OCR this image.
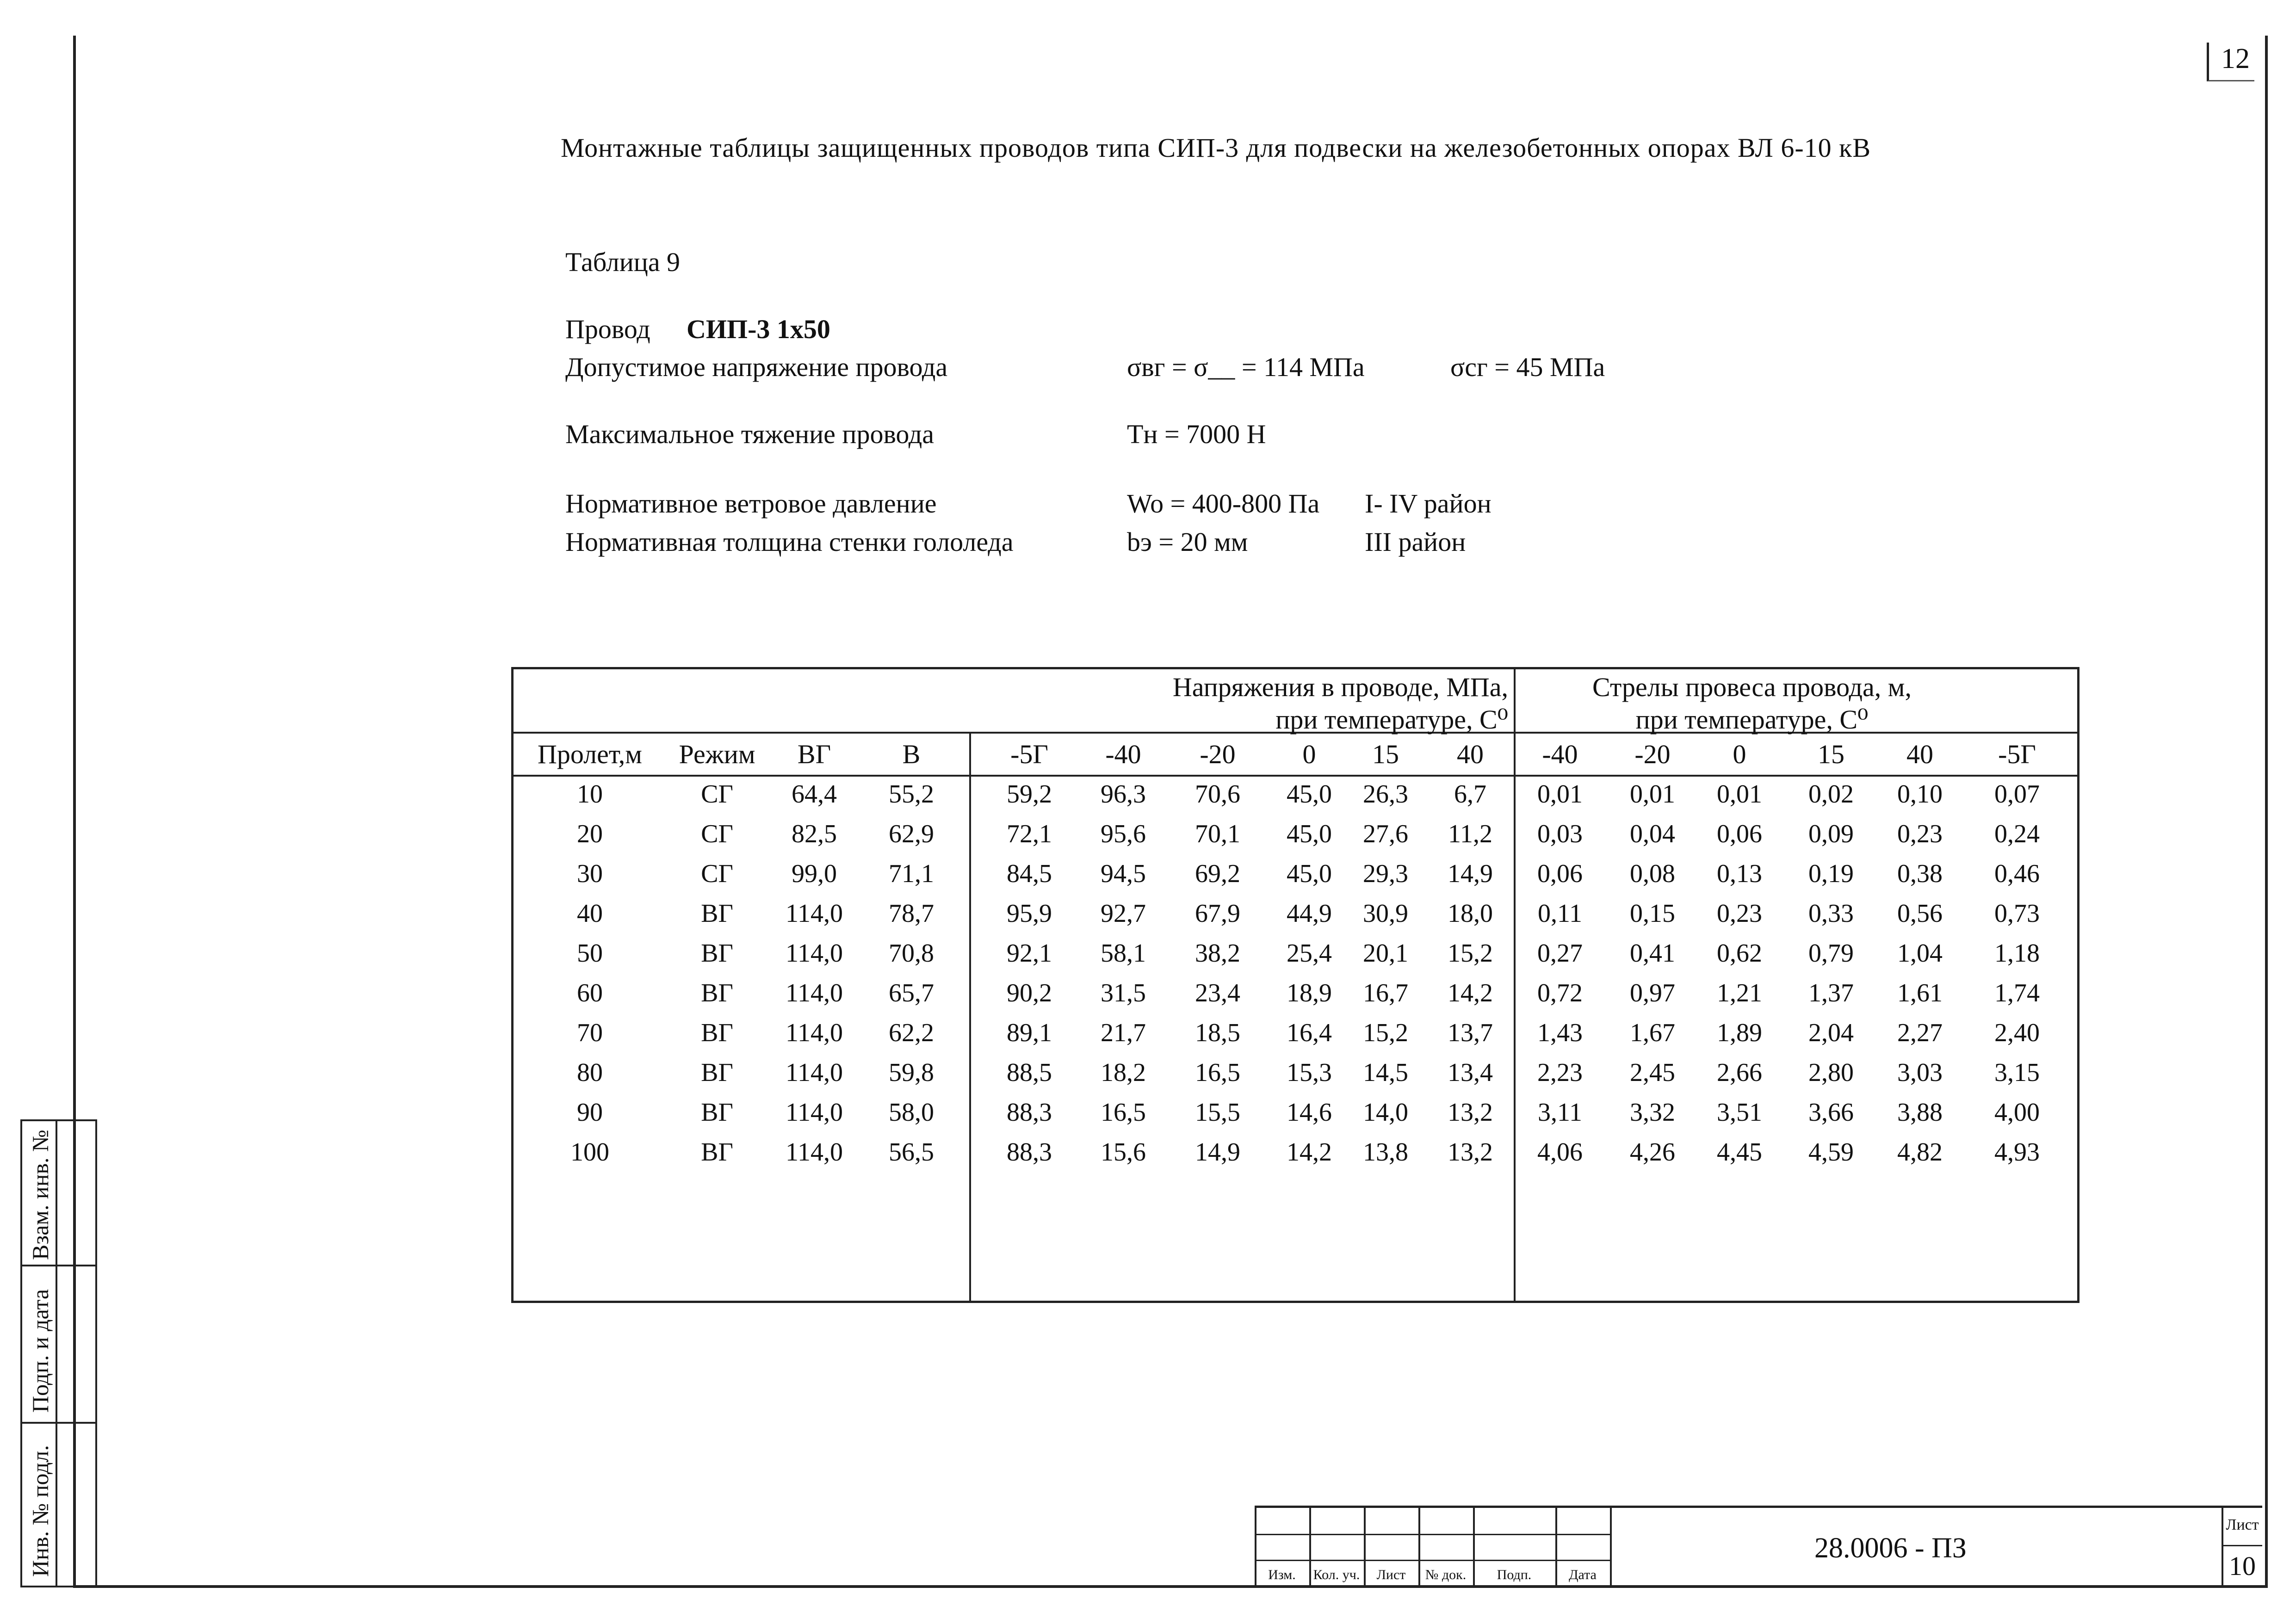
12
Монтажные таблицы защищенных проводов типа СИП-3 для подвески на железобетонных опорах ВЛ 6-10 кВ
Таблица 9
Провод СИП-3 1х50
Допустимое напряжение провода	σвг = σ__ = 114 МПа	σсг = 45 МПа
Максимальное тяжение провода	Тн = 7000 Н
Нормативное ветровое давление	Wo = 400-800 Па I- IV район
Нормативная толщина стенки гололеда	bэ = 20 мм	III район
Напряжения в проводе, МПа,
при температуре, С⁰
Стрелы провеса провода, м,
при температуре, С⁰
Пролет,м Режим ВГ	В	-5Г -40 -20 0 15 40 -40 -20 0	15 40 -5Г
10	СГ 64,4 55,2	59,2 96,3 70,6 45,0 26,3 6,7 0,01 0,01 0,01 0,02 0,10 0,07
20	СГ 82,5 62,9	72,1 95,6 70,1 45,0 27,6 11,2 0,03 0,04 0,06 0,09 0,23 0,24
30	СГ 99,0 71,1	84,5 94,5 69,2 45,0 29,3 14,9 0,06 0,08 0,13 0,19 0,38 0,46
40	ВГ 114,0 78,7	95,9 92,7 67,9 44,9 30,9 18,0 0,11 0,15 0,23 0,33 0,56 0,73
50	ВГ 114,0 70,8	92,1 58,1 38,2 25,4 20,1 15,2 0,27 0,41 0,62 0,79 1,04 1,18
60	ВГ 114,0 65,7	90,2 31,5 23,4 18,9 16,7 14,2 0,72 0,97 1,21 1,37 1,61 1,74
70	ВГ 114,0 62,2	89,1 21,7 18,5 16,4 15,2 13,7 1,43 1,67 1,89 2,04 2,27 2,40
80	ВГ 114,0 59,8	88,5 18,2 16,5 15,3 14,5 13,4 2,23 2,45 2,66 2,80 3,03 3,15
90	ВГ 114,0 58,0	88,3 16,5 15,5 14,6 14,0 13,2 3,11 3,32 3,51 3,66 3,88 4,00
100	ВГ 114,0 56,5	88,3 15,6 14,9 14,2 13,8 13,2 4,06 4,26 4,45 4,59 4,82 4,93
Взам. инв. №
Подп. и дата
Инв. № подл.	Изм.	Кол. уч.	Лист	№ док.	Подп.	Дата
28.0006 - ПЗ
Лист
10
